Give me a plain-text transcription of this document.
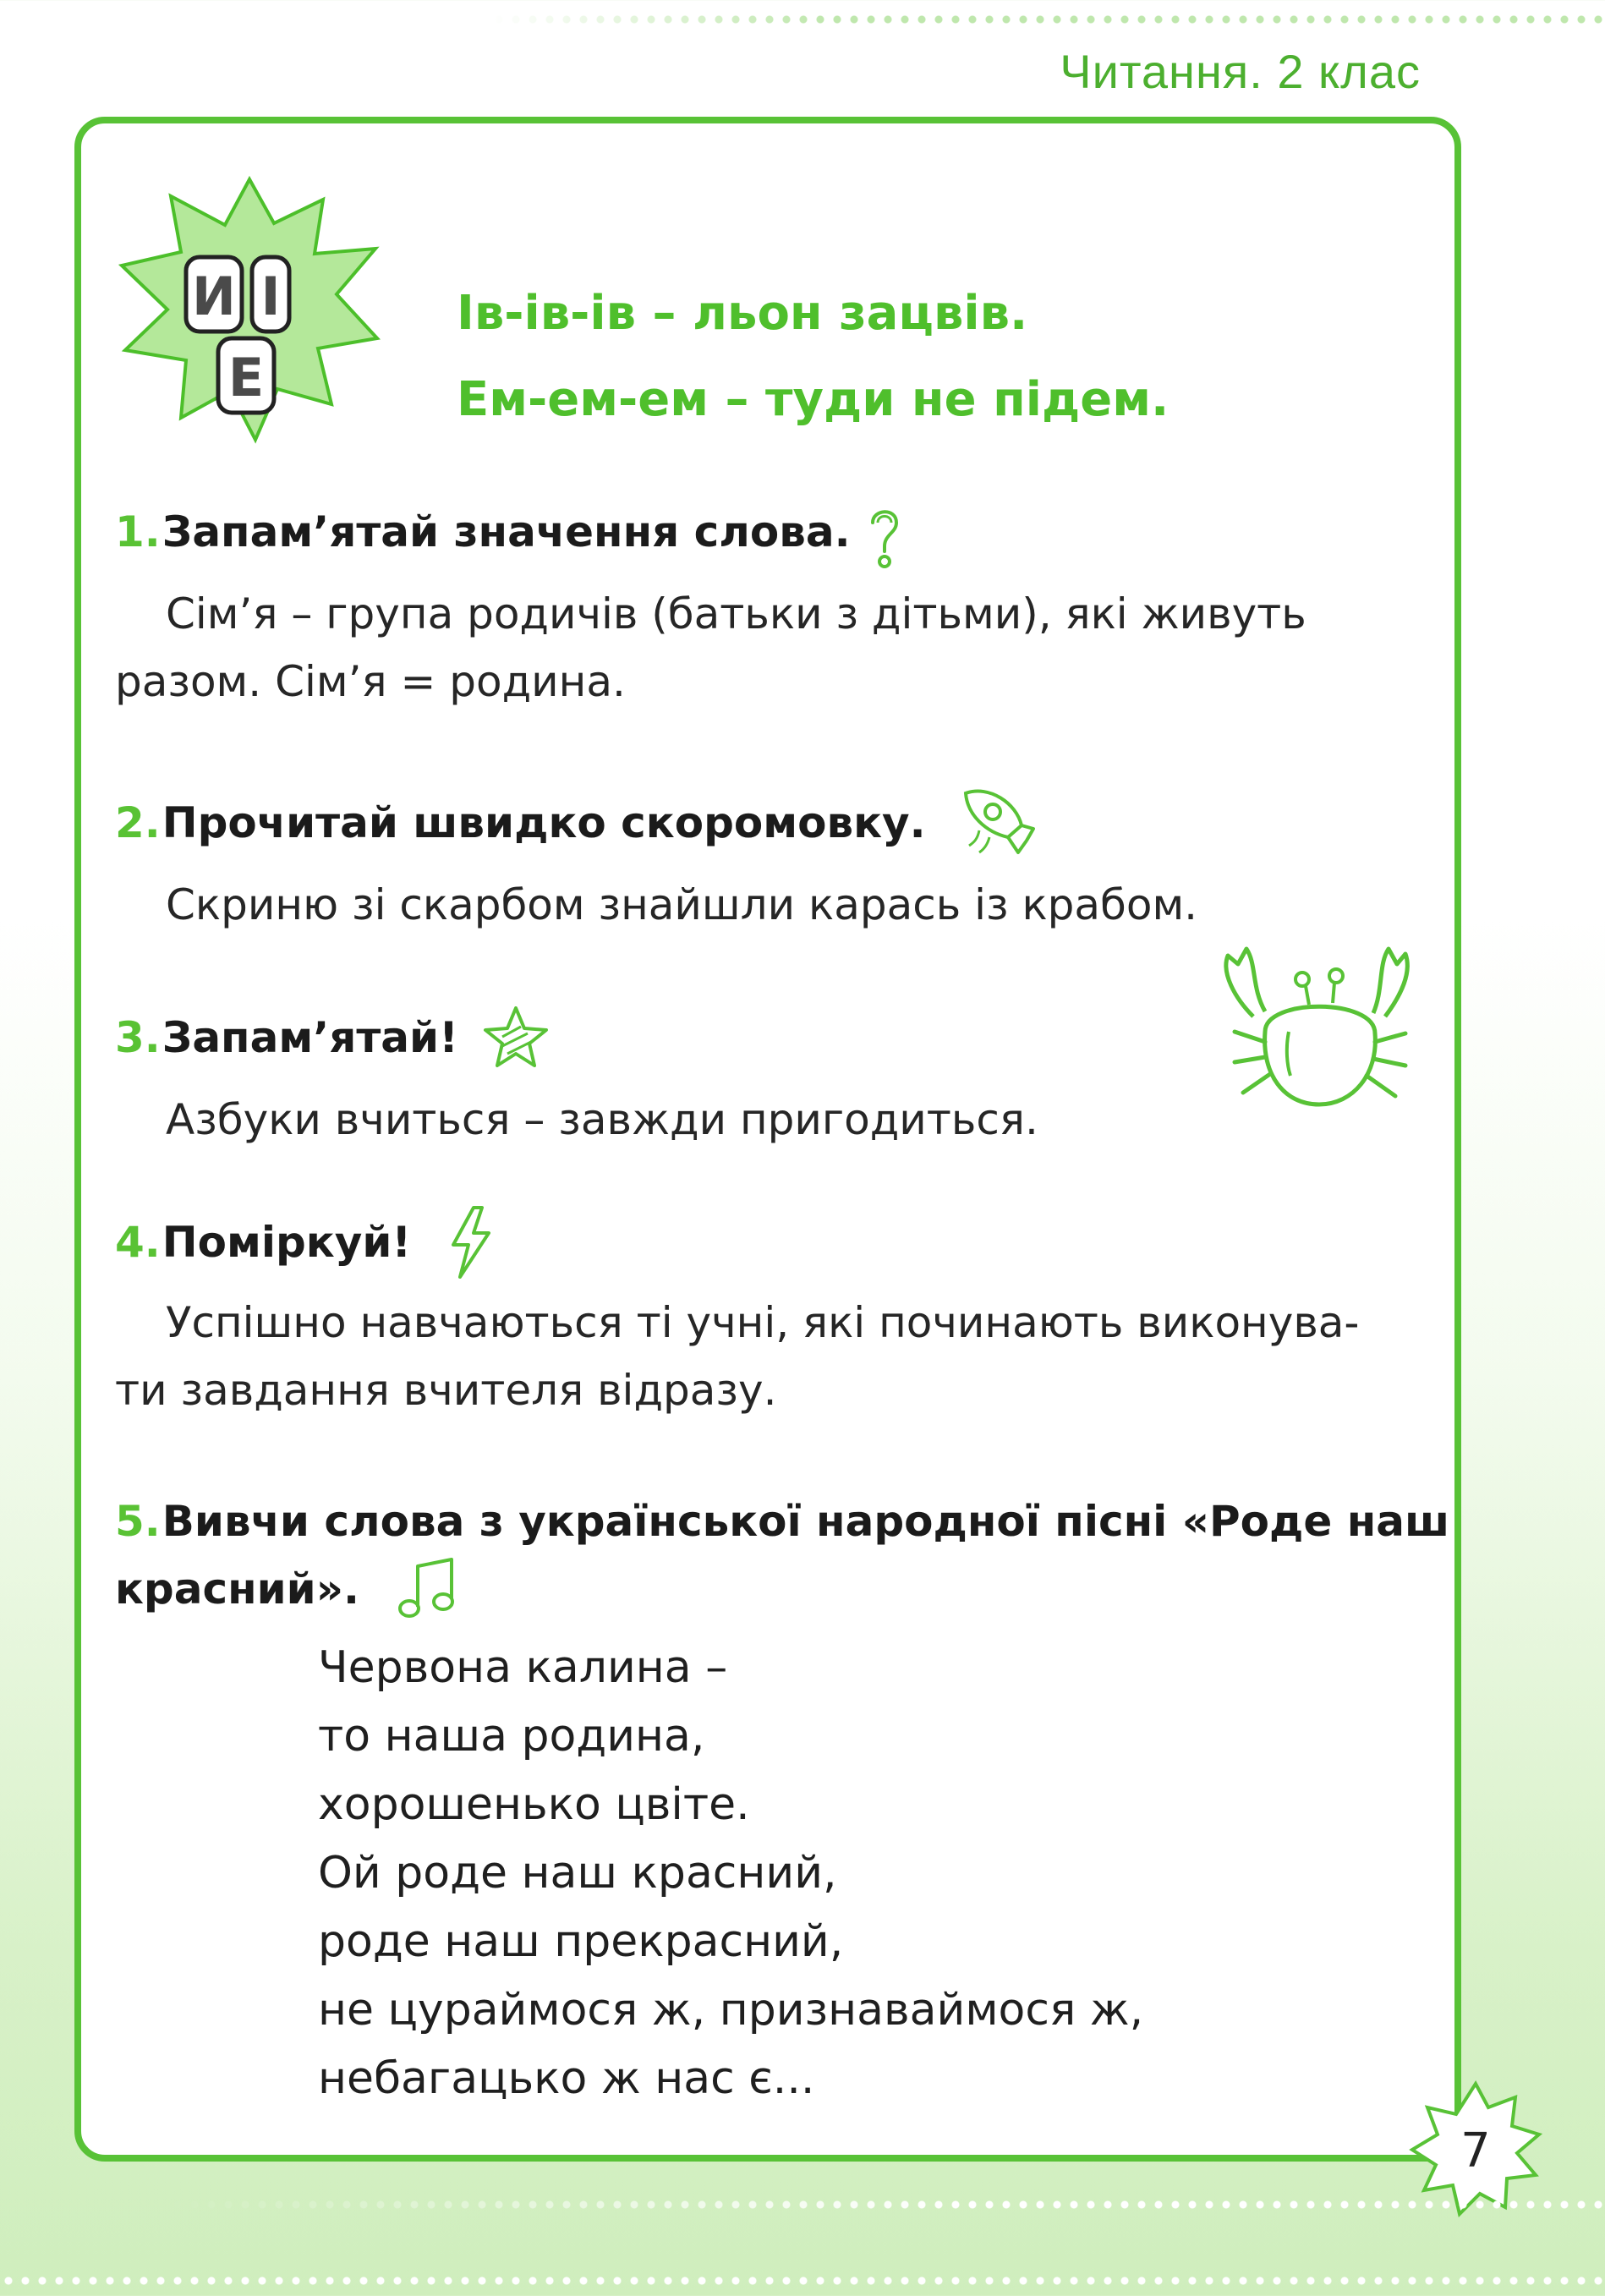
Читання. 2 клас
И І
Е
Ів-ів-ів – льон зацвів.
Ем-ем-ем – туди не підем.
1.Запам’ятай значення слова.
Сім’я – група родичів (батьки з дітьми), які живуть
разом. Сім’я = родина.
2.Прочитай швидко скоромовку.
Скриню зі скарбом знайшли карась із крабом.
3.Запам’ятай!
Азбуки вчиться – завжди пригодиться.
4.Поміркуй!
Успішно навчаються ті учні, які починають виконува-
ти завдання вчителя відразу.
5.Вивчи слова з української народної пісні «Роде наш
красний».
Червона калина –
то наша родина,
хорошенько цвіте.
Ой роде наш красний,
роде наш прекрасний,
не цураймося ж, признаваймося ж,
небагацько ж нас є...
7
